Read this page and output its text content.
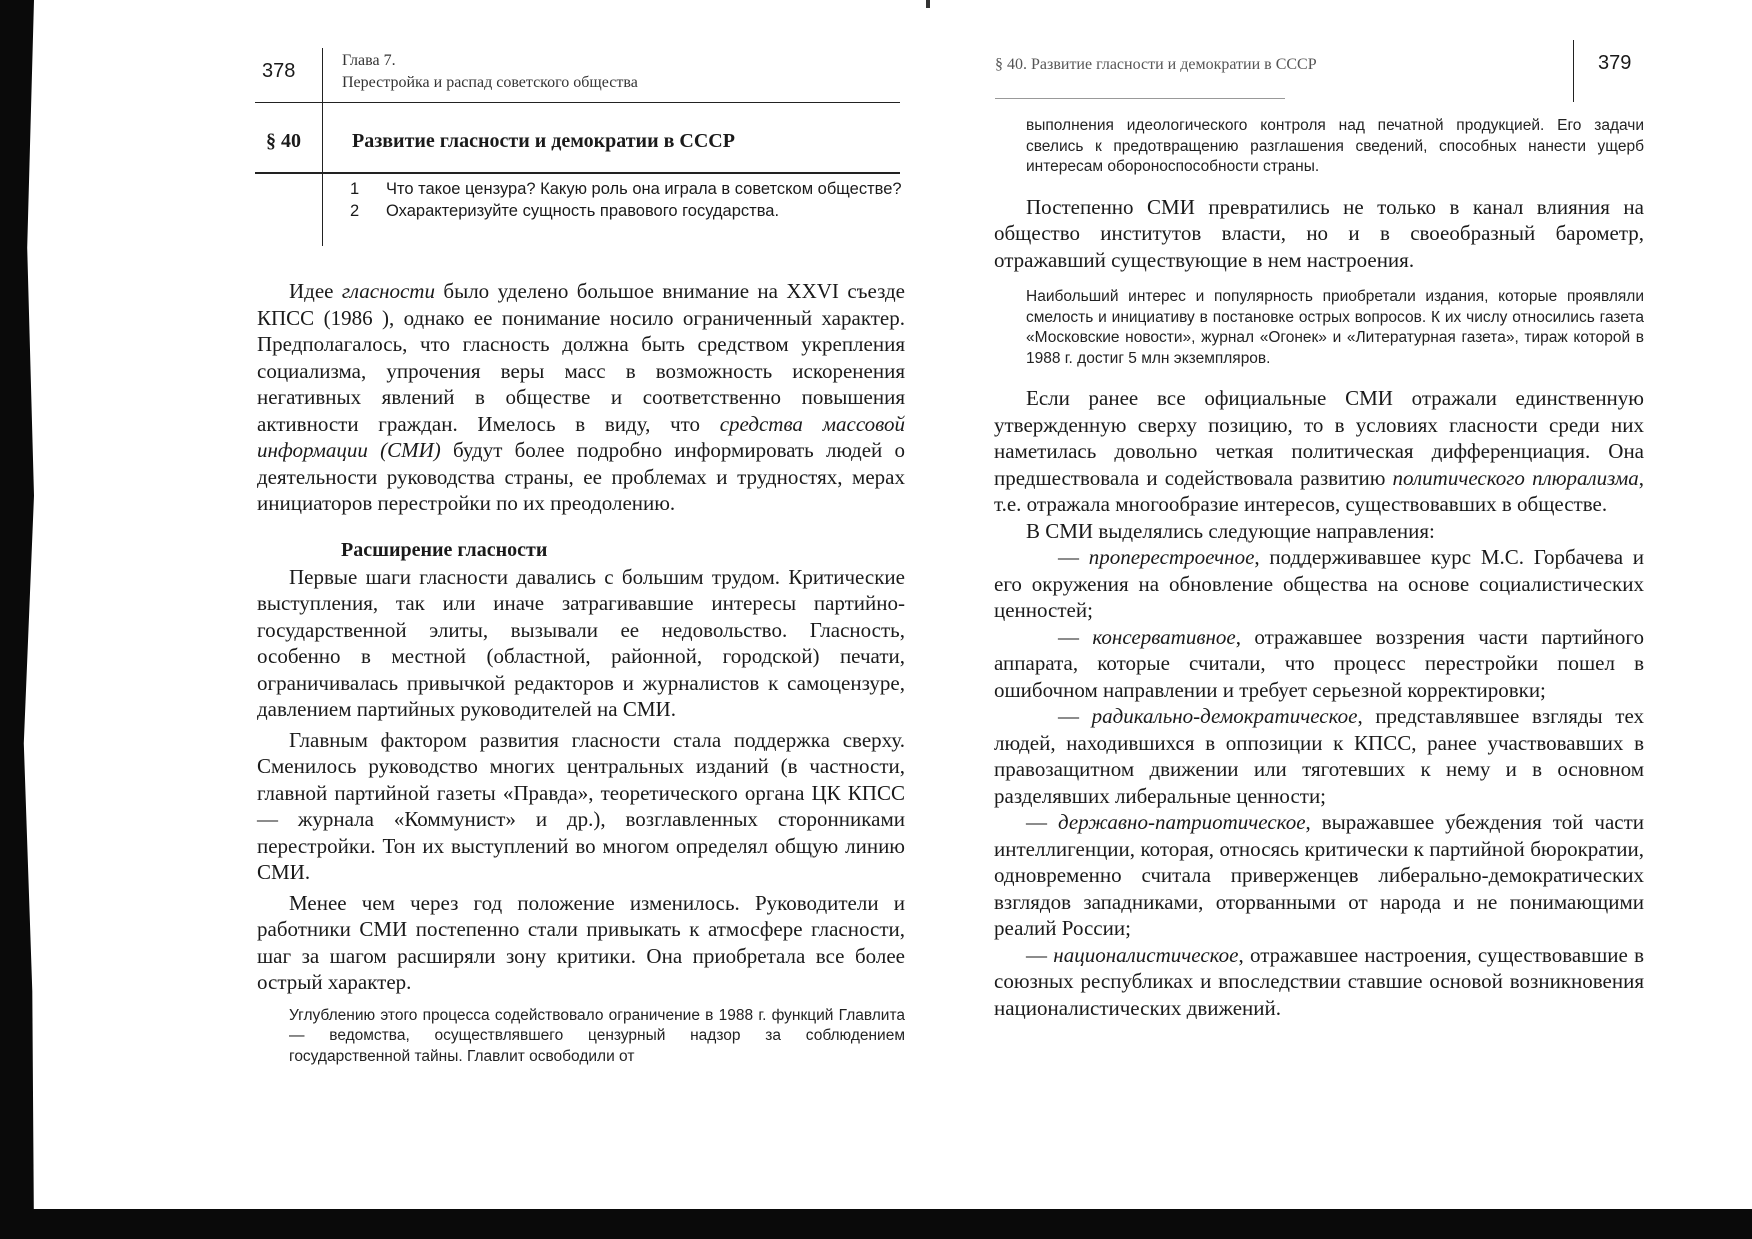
378	Глава 7.
Перестройка и распад советского общества
§ 40	Развитие гласности и демократии в СССР
1	Что такое цензура? Какую роль она играла в советском обществе?
2	Охарактеризуйте сущность правового государства.

Идее гласности было уделено большое внимание на XXVI съезде КПСС (1986 ), однако ее понимание носило ограниченный характер. Предполагалось, что гласность должна быть средством укрепления социализма, упрочения веры масс в возможность искоренения негативных явлений в обществе и соответственно повышения активности граждан. Имелось в виду, что средства массовой информации (СМИ) будут более подробно информировать людей о деятельности руководства страны, ее проблемах и трудностях, мерах инициаторов перестройки по их преодолению.

Расширение гласности

Первые шаги гласности давались с большим трудом. Критические выступления, так или иначе затрагивавшие интересы партийно-государственной элиты, вызывали ее недовольство. Гласность, особенно в местной (областной, районной, городской) печати, ограничивалась привычкой редакторов и журналистов к самоцензуре, давлением партийных руководителей на СМИ.

Главным фактором развития гласности стала поддержка сверху. Сменилось руководство многих центральных изданий (в частности, главной партийной газеты «Правда», теоретического органа ЦК КПСС — журнала «Коммунист» и др.), возглавленных сторонниками перестройки. Тон их выступлений во многом определял общую линию СМИ.

Менее чем через год положение изменилось. Руководители и работники СМИ постепенно стали привыкать к атмосфере гласности, шаг за шагом расширяли зону критики. Она приобретала все более острый характер.

Углублению этого процесса содействовало ограничение в 1988 г. функций Главлита — ведомства, осуществлявшего цензурный надзор за соблюдением государственной тайны. Главлит освободили от
§ 40. Развитие гласности и демократии в СССР	379
выполнения идеологического контроля над печатной продукцией. Его задачи свелись к предотвращению разглашения сведений, способных нанести ущерб интересам обороноспособности страны.

Постепенно СМИ превратились не только в канал влияния на общество институтов власти, но и в своеобразный барометр, отражавший существующие в нем настроения.

Наибольший интерес и популярность приобретали издания, которые проявляли смелость и инициативу в постановке острых вопросов. К их числу относились газета «Московские новости», журнал «Огонек» и «Литературная газета», тираж которой в 1988 г. достиг 5 млн экземпляров.

Если ранее все официальные СМИ отражали единственную утвержденную сверху позицию, то в условиях гласности среди них наметилась довольно четкая политическая дифференциация. Она предшествовала и содействовала развитию политического плюрализма, т.е. отражала многообразие интересов, существовавших в обществе.

В СМИ выделялись следующие направления:

— проперестроечное, поддерживавшее курс М.С. Горбачева и его окружения на обновление общества на основе социалистических ценностей;

— консервативное, отражавшее воззрения части партийного аппарата, которые считали, что процесс перестройки пошел в ошибочном направлении и требует серьезной корректировки;

— радикально-демократическое, представлявшее взгляды тех людей, находившихся в оппозиции к КПСС, ранее участвовавших в правозащитном движении или тяготевших к нему и в основном разделявших либеральные ценности;

— державно-патриотическое, выражавшее убеждения той части интеллигенции, которая, относясь критически к партийной бюрократии, одновременно считала приверженцев либерально-демократических взглядов западниками, оторванными от народа и не понимающими реалий России;

— националистическое, отражавшее настроения, существовавшие в союзных республиках и впоследствии ставшие основой возникновения националистических движений.
